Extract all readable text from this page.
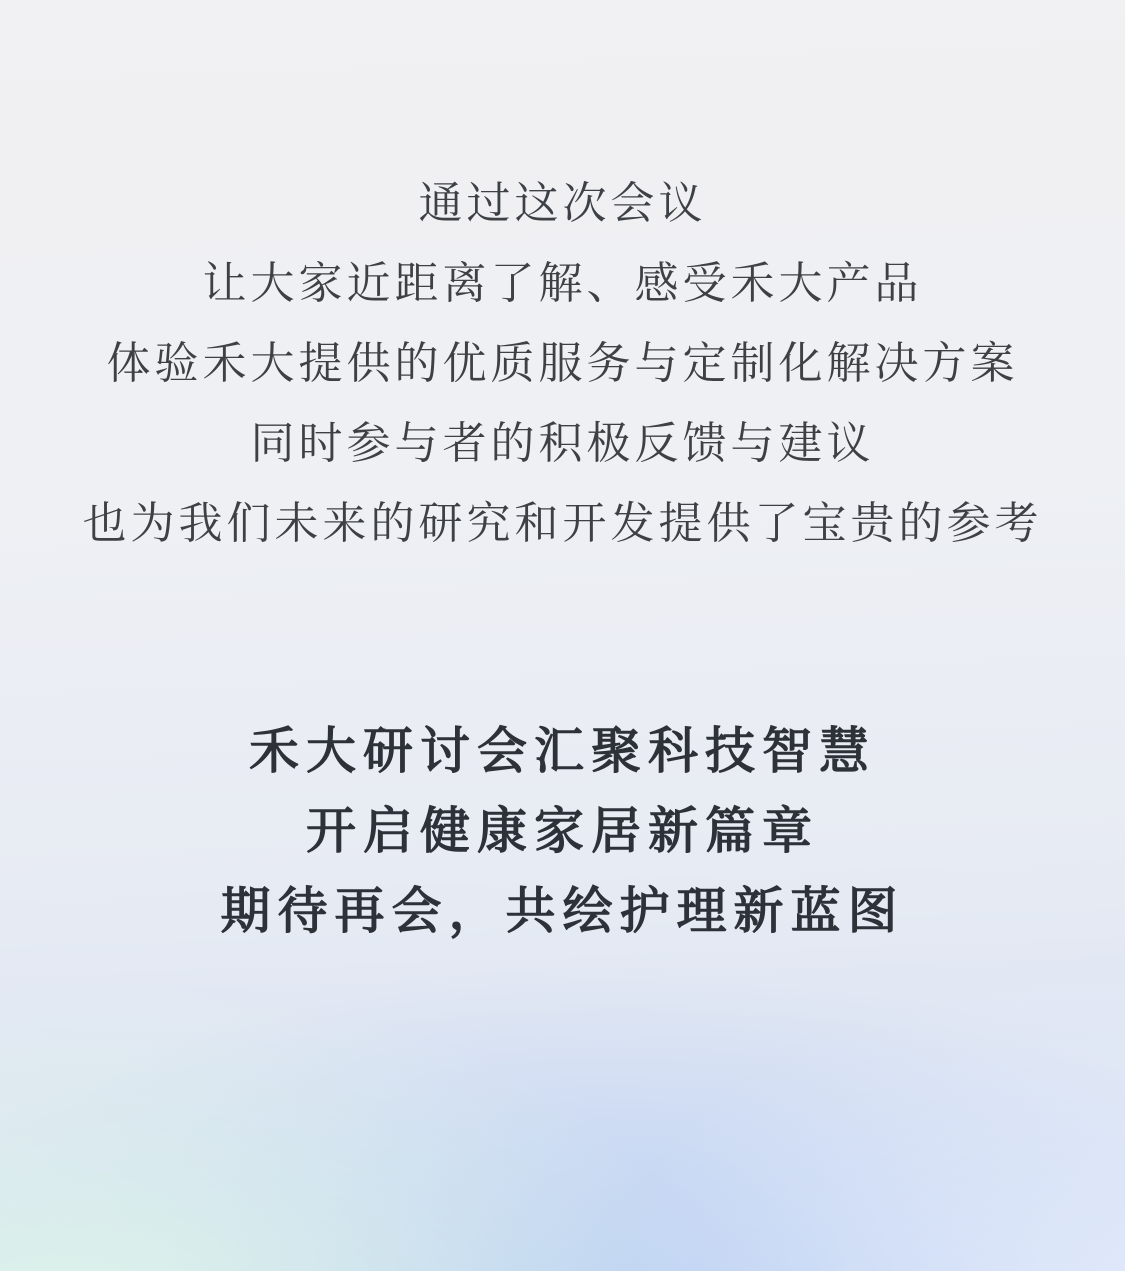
通过这次会议
让大家近距离了解、感受禾大产品
体验禾大提供的优质服务与定制化解决方案
同时参与者的积极反馈与建议
也为我们未来的研究和开发提供了宝贵的参考
禾大研讨会汇聚科技智慧
开启健康家居新篇章
期待再会，共绘护理新蓝图
